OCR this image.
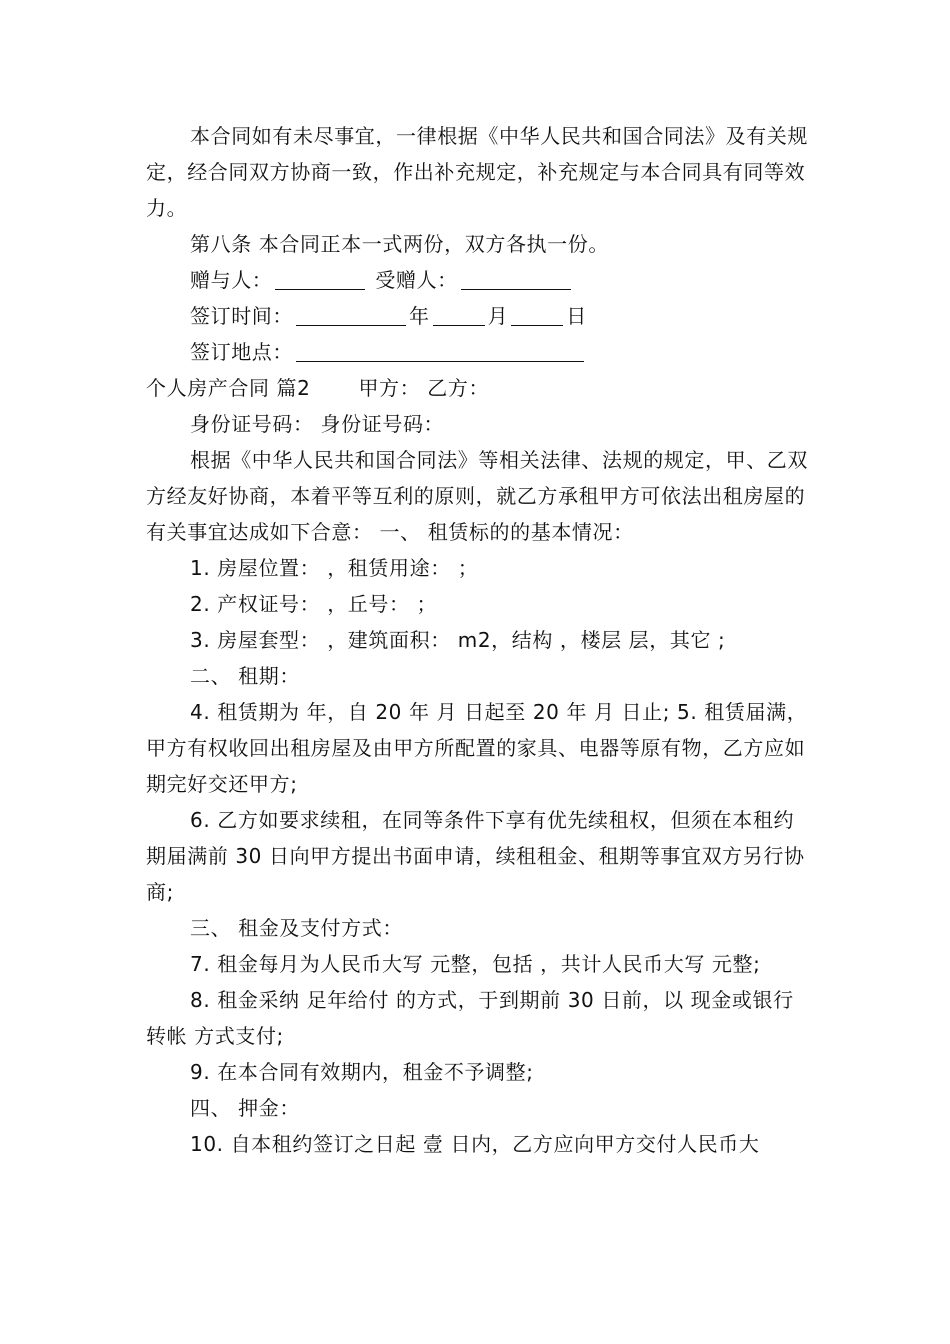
本合同如有未尽事宜，一律根据《中华人民共和国合同法》及有关规定，经合同双方协商一致，作出补充规定，补充规定与本合同具有同等效力。

第八条 本合同正本一式两份，双方各执一份。

赠与人：	受赠人：

签订时间：	年	月	日

签订地点：

个人房产合同 篇2 甲方： 乙方：

身份证号码： 身份证号码：

根据《中华人民共和国合同法》等相关法律、法规的规定，甲、乙双方经友好协商，本着平等互利的原则，就乙方承租甲方可依法出租房屋的有关事宜达成如下合意： 一、 租赁标的的基本情况：

1. 房屋位置： ，租赁用途： ；

2. 产权证号： ，丘号： ；

3. 房屋套型： ，建筑面积： m2，结构 ，楼层 层，其它 ;

二、 租期：

4. 租赁期为 年，自 20 年 月 日起至 20 年 月 日止; 5. 租赁届满，甲方有权收回出租房屋及由甲方所配置的家具、电器等原有物，乙方应如期完好交还甲方;

6. 乙方如要求续租，在同等条件下享有优先续租权，但须在本租约期届满前 30 日向甲方提出书面申请，续租租金、租期等事宜双方另行协商;

三、 租金及支付方式：

7. 租金每月为人民币大写 元整，包括 ，共计人民币大写 元整;

8. 租金采纳 足年给付 的方式，于到期前 30 日前，以 现金或银行转帐 方式支付;

9. 在本合同有效期内，租金不予调整;

四、 押金：

10. 自本租约签订之日起 壹 日内，乙方应向甲方交付人民币大
